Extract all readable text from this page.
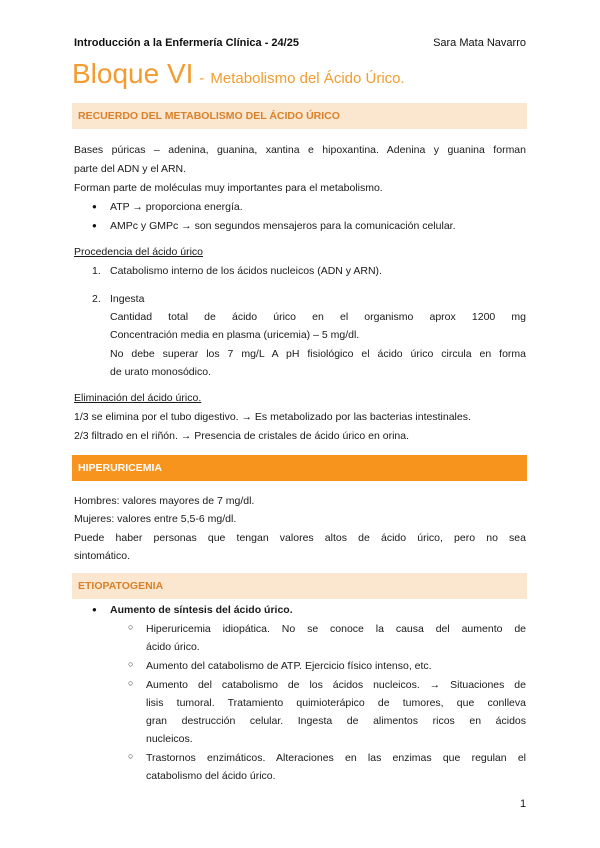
Introducción a la Enfermería Clínica - 24/25	Sara Mata Navarro
Bloque VI - Metabolismo del Ácido Úrico.
RECUERDO DEL METABOLISMO DEL ÁCIDO ÚRICO
Bases púricas – adenina, guanina, xantina e hipoxantina. Adenina y guanina forman
parte del ADN y el ARN.
Forman parte de moléculas muy importantes para el metabolismo.
● ATP → proporciona energía.
● AMPc y GMPc → son segundos mensajeros para la comunicación celular.
Procedencia del ácido úrico
1. Catabolismo interno de los ácidos nucleicos (ADN y ARN).
2. Ingesta
Cantidad total de ácido úrico en el organismo aprox 1200 mg
Concentración media en plasma (uricemia) – 5 mg/dl.
No debe superar los 7 mg/L A pH fisiológico el ácido úrico circula en forma
de urato monosódico.
Eliminación del ácido úrico.
1/3 se elimina por el tubo digestivo. → Es metabolizado por las bacterias intestinales.
2/3 filtrado en el riñón. → Presencia de cristales de ácido úrico en orina.
HIPERURICEMIA
Hombres: valores mayores de 7 mg/dl.
Mujeres: valores entre 5,5-6 mg/dl.
Puede haber personas que tengan valores altos de ácido úrico, pero no sea
sintomático.
ETIOPATOGENIA
● Aumento de síntesis del ácido úrico.
○ Hiperuricemia idiopática. No se conoce la causa del aumento de
ácido úrico.
○ Aumento del catabolismo de ATP. Ejercicio físico intenso, etc.
○ Aumento del catabolismo de los ácidos nucleicos. → Situaciones de
lisis tumoral. Tratamiento quimioterápico de tumores, que conlleva
gran destrucción celular. Ingesta de alimentos ricos en ácidos
nucleicos.
○ Trastornos enzimáticos. Alteraciones en las enzimas que regulan el
catabolismo del ácido úrico.
1
